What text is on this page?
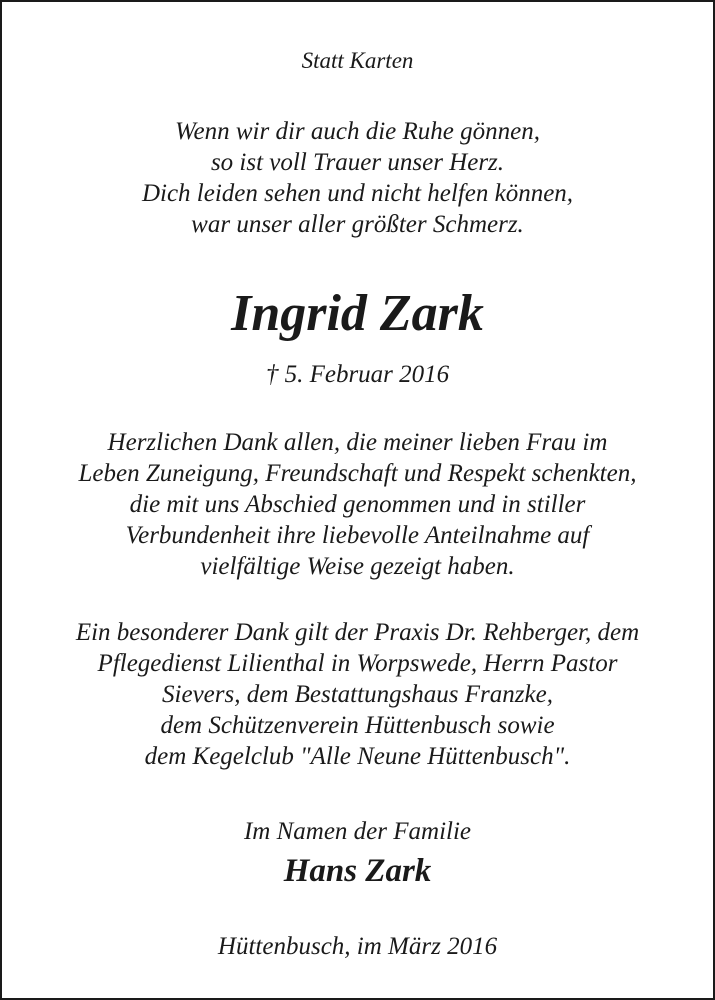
Statt Karten
Wenn wir dir auch die Ruhe gönnen,
so ist voll Trauer unser Herz.
Dich leiden sehen und nicht helfen können,
war unser aller größter Schmerz.
Ingrid Zark
† 5. Februar 2016
Herzlichen Dank allen, die meiner lieben Frau im
Leben Zuneigung, Freundschaft und Respekt schenkten,
die mit uns Abschied genommen und in stiller
Verbundenheit ihre liebevolle Anteilnahme auf
vielfältige Weise gezeigt haben.
Ein besonderer Dank gilt der Praxis Dr. Rehberger, dem
Pflegedienst Lilienthal in Worpswede, Herrn Pastor
Sievers, dem Bestattungshaus Franzke,
dem Schützenverein Hüttenbusch sowie
dem Kegelclub "Alle Neune Hüttenbusch".
Im Namen der Familie
Hans Zark
Hüttenbusch, im März 2016
